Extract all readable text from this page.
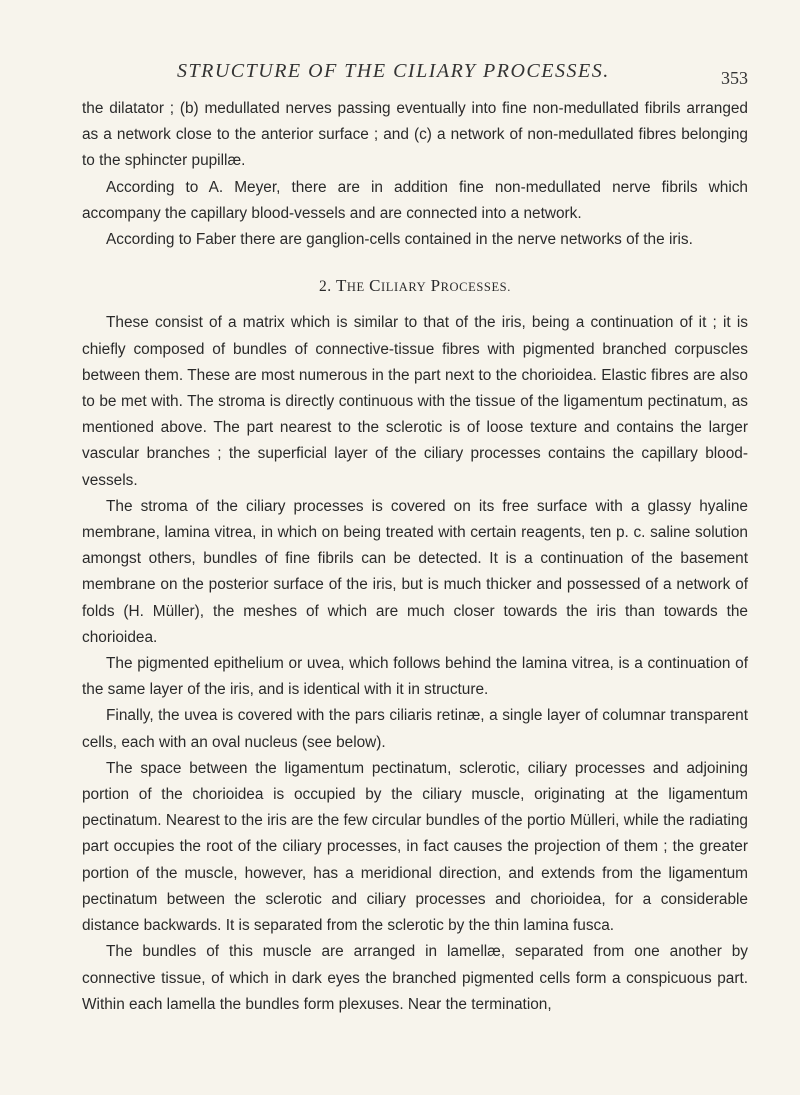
STRUCTURE OF THE CILIARY PROCESSES.	353

the dilatator ; (b) medullated nerves passing eventually into fine non-medullated fibrils arranged as a network close to the anterior surface ; and (c) a network of non-medullated fibres belonging to the sphincter pupillæ.

According to A. Meyer, there are in addition fine non-medullated nerve fibrils which accompany the capillary blood-vessels and are connected into a network.

According to Faber there are ganglion-cells contained in the nerve networks of the iris.

2. THE CILIARY PROCESSES.

These consist of a matrix which is similar to that of the iris, being a continuation of it ; it is chiefly composed of bundles of connective-tissue fibres with pigmented branched corpuscles between them. These are most numerous in the part next to the chorioidea. Elastic fibres are also to be met with. The stroma is directly continuous with the tissue of the ligamentum pectinatum, as mentioned above. The part nearest to the sclerotic is of loose texture and contains the larger vascular branches ; the superficial layer of the ciliary processes contains the capillary blood-vessels.

The stroma of the ciliary processes is covered on its free surface with a glassy hyaline membrane, lamina vitrea, in which on being treated with certain reagents, ten p. c. saline solution amongst others, bundles of fine fibrils can be detected. It is a continuation of the basement membrane on the posterior surface of the iris, but is much thicker and possessed of a network of folds (H. Müller), the meshes of which are much closer towards the iris than towards the chorioidea.

The pigmented epithelium or uvea, which follows behind the lamina vitrea, is a continuation of the same layer of the iris, and is identical with it in structure.

Finally, the uvea is covered with the pars ciliaris retinæ, a single layer of columnar transparent cells, each with an oval nucleus (see below).

The space between the ligamentum pectinatum, sclerotic, ciliary processes and adjoining portion of the chorioidea is occupied by the ciliary muscle, originating at the ligamentum pectinatum. Nearest to the iris are the few circular bundles of the portio Mülleri, while the radiating part occupies the root of the ciliary processes, in fact causes the projection of them ; the greater portion of the muscle, however, has a meridional direction, and extends from the ligamentum pectinatum between the sclerotic and ciliary processes and chorioidea, for a considerable distance backwards. It is separated from the sclerotic by the thin lamina fusca.

The bundles of this muscle are arranged in lamellæ, separated from one another by connective tissue, of which in dark eyes the branched pigmented cells form a conspicuous part. Within each lamella the bundles form plexuses. Near the termination,
